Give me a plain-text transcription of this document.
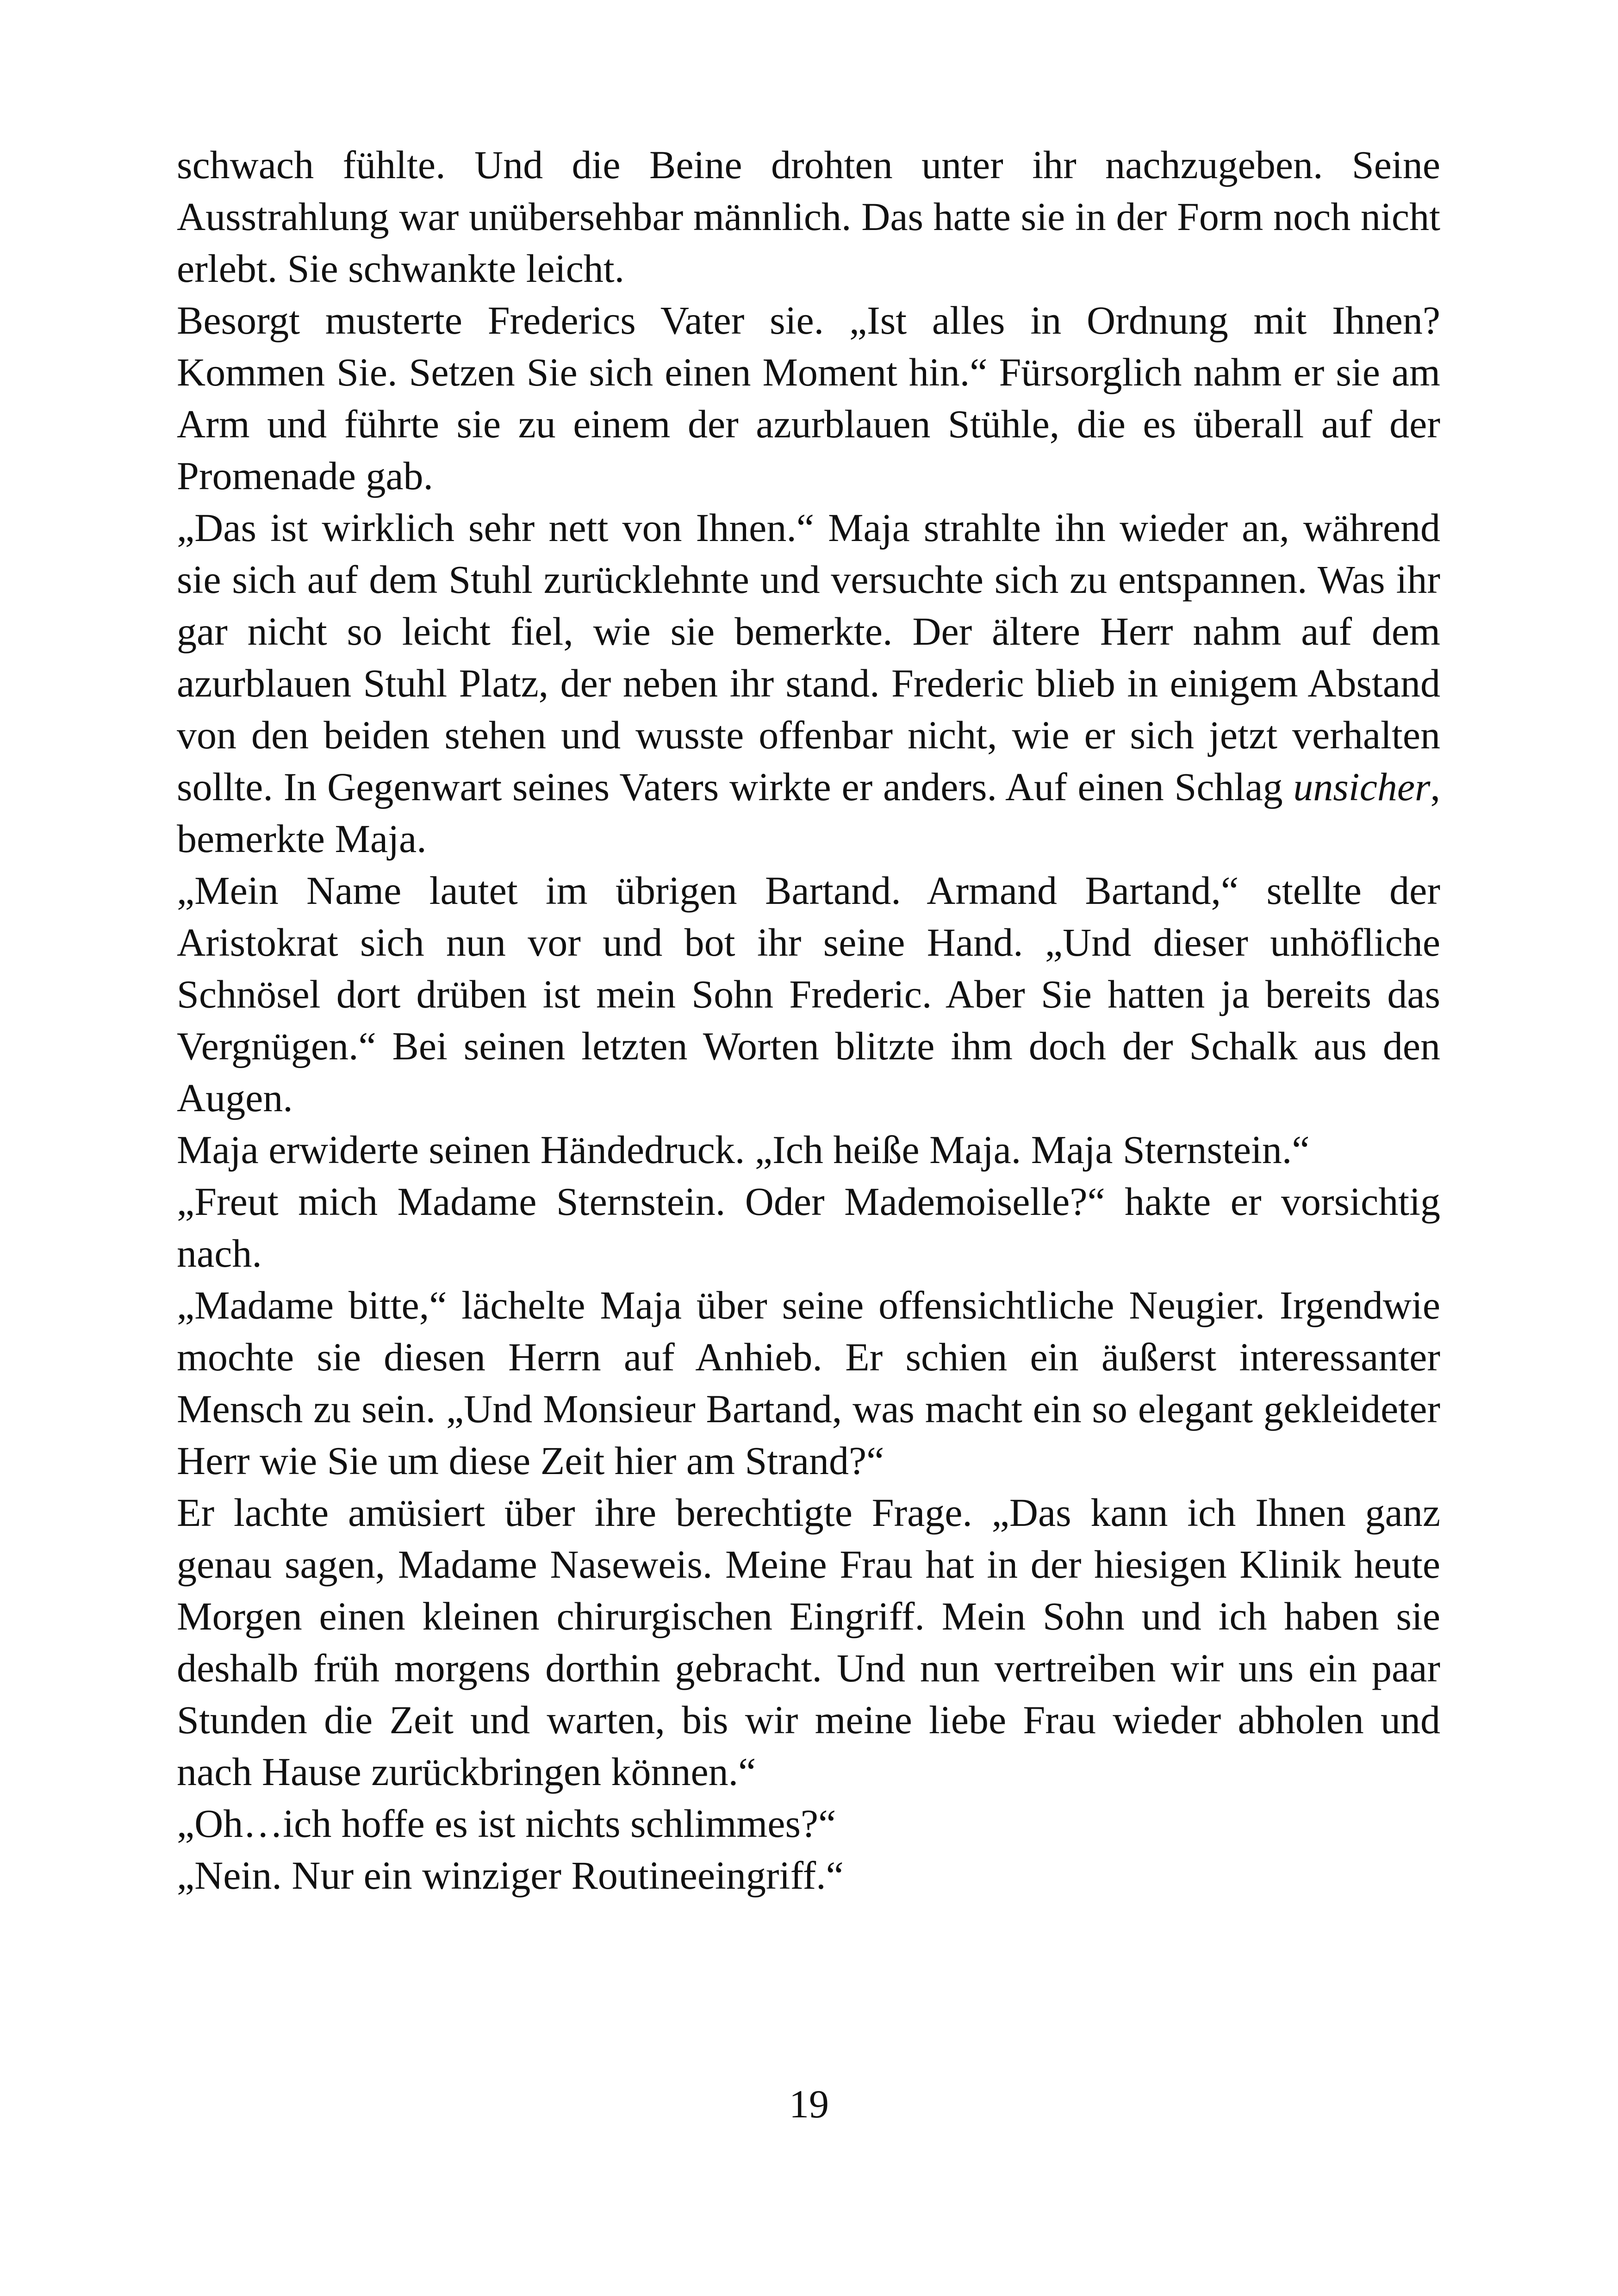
schwach fühlte. Und die Beine drohten unter ihr nachzugeben. Seine Ausstrahlung war unübersehbar männlich. Das hatte sie in der Form noch nicht erlebt. Sie schwankte leicht.

Besorgt musterte Frederics Vater sie. „Ist alles in Ordnung mit Ihnen? Kommen Sie. Setzen Sie sich einen Moment hin.“ Fürsorglich nahm er sie am Arm und führte sie zu einem der azurblauen Stühle, die es überall auf der Promenade gab.

„Das ist wirklich sehr nett von Ihnen.“ Maja strahlte ihn wieder an, während sie sich auf dem Stuhl zurücklehnte und versuchte sich zu entspannen. Was ihr gar nicht so leicht fiel, wie sie bemerkte. Der ältere Herr nahm auf dem azurblauen Stuhl Platz, der neben ihr stand. Frederic blieb in einigem Abstand von den beiden stehen und wusste offenbar nicht, wie er sich jetzt verhalten sollte. In Gegenwart seines Vaters wirkte er anders. Auf einen Schlag unsicher, bemerkte Maja.

„Mein Name lautet im übrigen Bartand. Armand Bartand,“ stellte der Aristokrat sich nun vor und bot ihr seine Hand. „Und dieser unhöfliche Schnösel dort drüben ist mein Sohn Frederic. Aber Sie hatten ja bereits das Vergnügen.“ Bei seinen letzten Worten blitzte ihm doch der Schalk aus den Augen.

Maja erwiderte seinen Händedruck. „Ich heiße Maja. Maja Sternstein.“

„Freut mich Madame Sternstein. Oder Mademoiselle?“ hakte er vorsichtig nach.

„Madame bitte,“ lächelte Maja über seine offensichtliche Neugier. Irgendwie mochte sie diesen Herrn auf Anhieb. Er schien ein äußerst interessanter Mensch zu sein. „Und Monsieur Bartand, was macht ein so elegant gekleideter Herr wie Sie um diese Zeit hier am Strand?“

Er lachte amüsiert über ihre berechtigte Frage. „Das kann ich Ihnen ganz genau sagen, Madame Naseweis. Meine Frau hat in der hiesigen Klinik heute Morgen einen kleinen chirurgischen Eingriff. Mein Sohn und ich haben sie deshalb früh morgens dorthin gebracht. Und nun vertreiben wir uns ein paar Stunden die Zeit und warten, bis wir meine liebe Frau wieder abholen und nach Hause zurückbringen können.“

„Oh…ich hoffe es ist nichts schlimmes?“

„Nein. Nur ein winziger Routineeingriff.“

19
